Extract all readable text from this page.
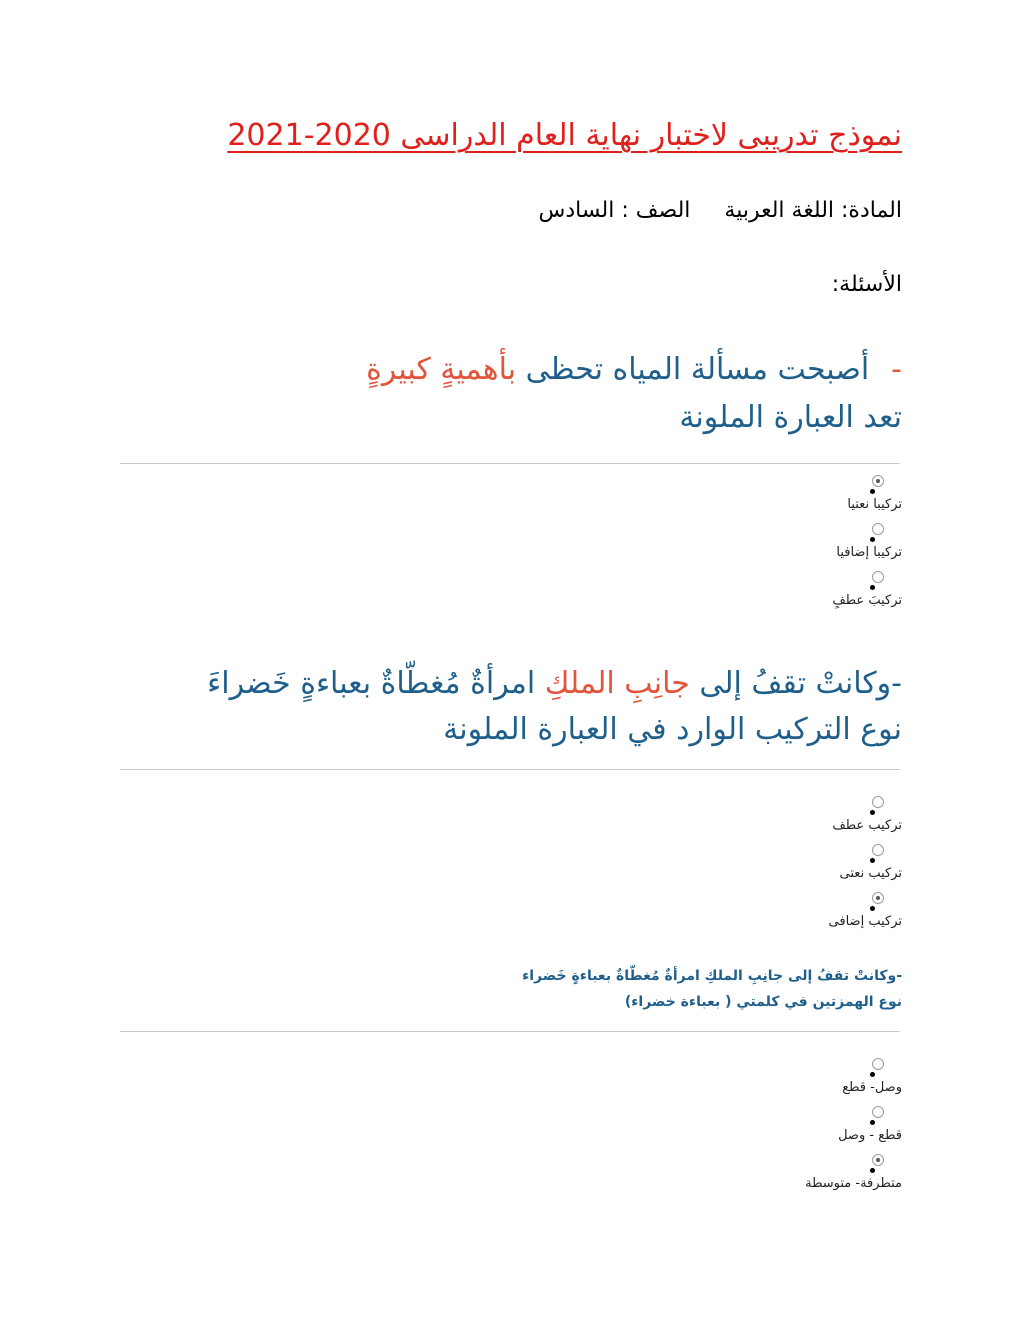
نموذج تدريبى لاختبار نهاية العام الدراسى 2020-2021
المادة: اللغة العربيةالصف : السادس
الأسئلة:
-أصبحت مسألة المياه تحظى بأهميةٍ كبيرةٍ
تعد العبارة الملونة
تركيبا نعتيا
تركيبا إضافيا
تركيبَ عطفٍ
-وكانتْ تقفُ إلى جانِبِ الملكِ امرأةٌ مُغطّاةٌ بعباءةٍ خَضراءَ
نوع التركيب الوارد في العبارة الملونة
تركيب عطف
تركيب نعتى
تركيب إضافى
-وكانتْ تقفُ إلى جانِبِ الملكِ امرأةٌ مُغطّاةٌ بعباءةٍ خَضراء
نوع الهمزتين في كلمتي ( بعباءة خضراء)
وصل- قطع
قطع - وصل
متطرفة- متوسطة
